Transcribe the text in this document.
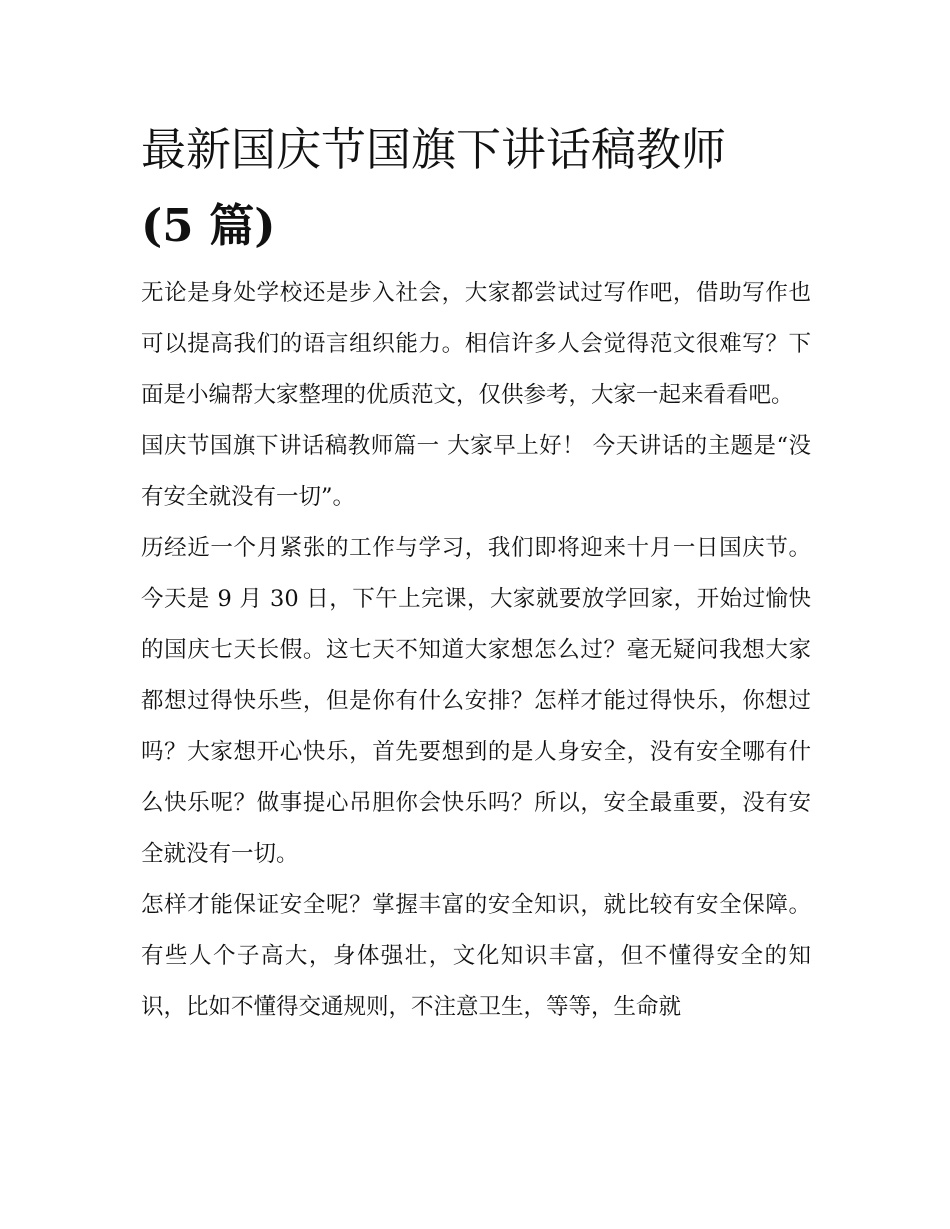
最新国庆节国旗下讲话稿教师
(5 篇)

无论是身处学校还是步入社会，大家都尝试过写作吧，借助写作也可以提高我们的语言组织能力。相信许多人会觉得范文很难写？下面是小编帮大家整理的优质范文，仅供参考，大家一起来看看吧。

国庆节国旗下讲话稿教师篇一 大家早上好！ 今天讲话的主题是“没有安全就没有一切”。

历经近一个月紧张的工作与学习，我们即将迎来十月一日国庆节。今天是 9 月 30 日，下午上完课，大家就要放学回家，开始过愉快的国庆七天长假。这七天不知道大家想怎么过？毫无疑问我想大家都想过得快乐些，但是你有什么安排？怎样才能过得快乐，你想过吗？大家想开心快乐，首先要想到的是人身安全，没有安全哪有什么快乐呢？做事提心吊胆你会快乐吗？所以，安全最重要，没有安全就没有一切。

怎样才能保证安全呢？掌握丰富的安全知识，就比较有安全保障。有些人个子高大，身体强壮，文化知识丰富，但不懂得安全的知识，比如不懂得交通规则，不注意卫生，等等，生命就
